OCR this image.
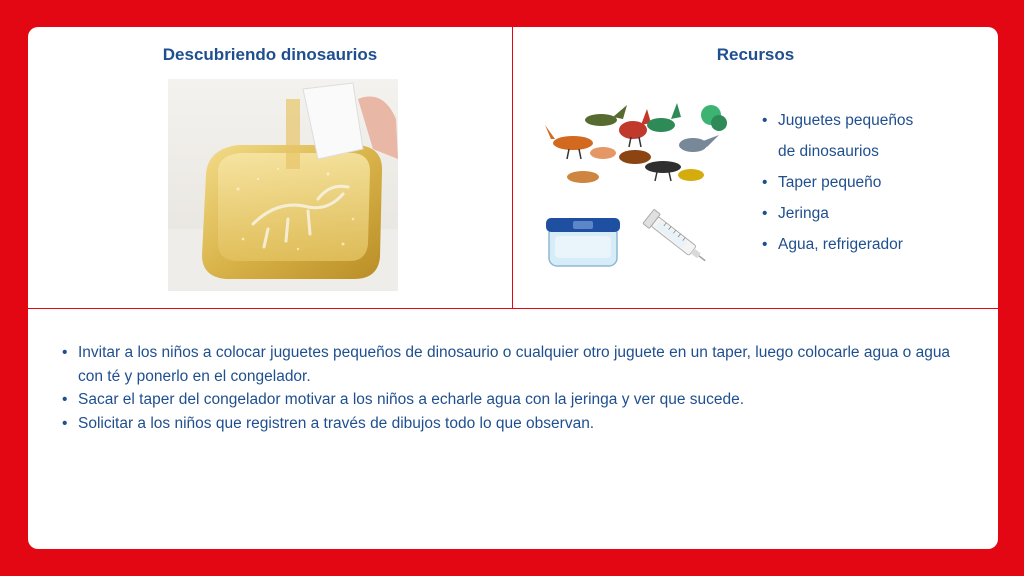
Descubriendo dinosaurios	Recursos
• Juguetes pequeños
de dinosaurios
• Taper pequeño
• Jeringa
• Agua, refrigerador
• Invitar a los niños a colocar juguetes pequeños de dinosaurio o cualquier otro juguete en un taper, luego colocarle agua o agua con té y ponerlo en el congelador.
• Sacar el taper del congelador motivar a los niños a echarle agua con la jeringa y ver que sucede.
• Solicitar a los niños que registren a través de dibujos todo lo que observan.
